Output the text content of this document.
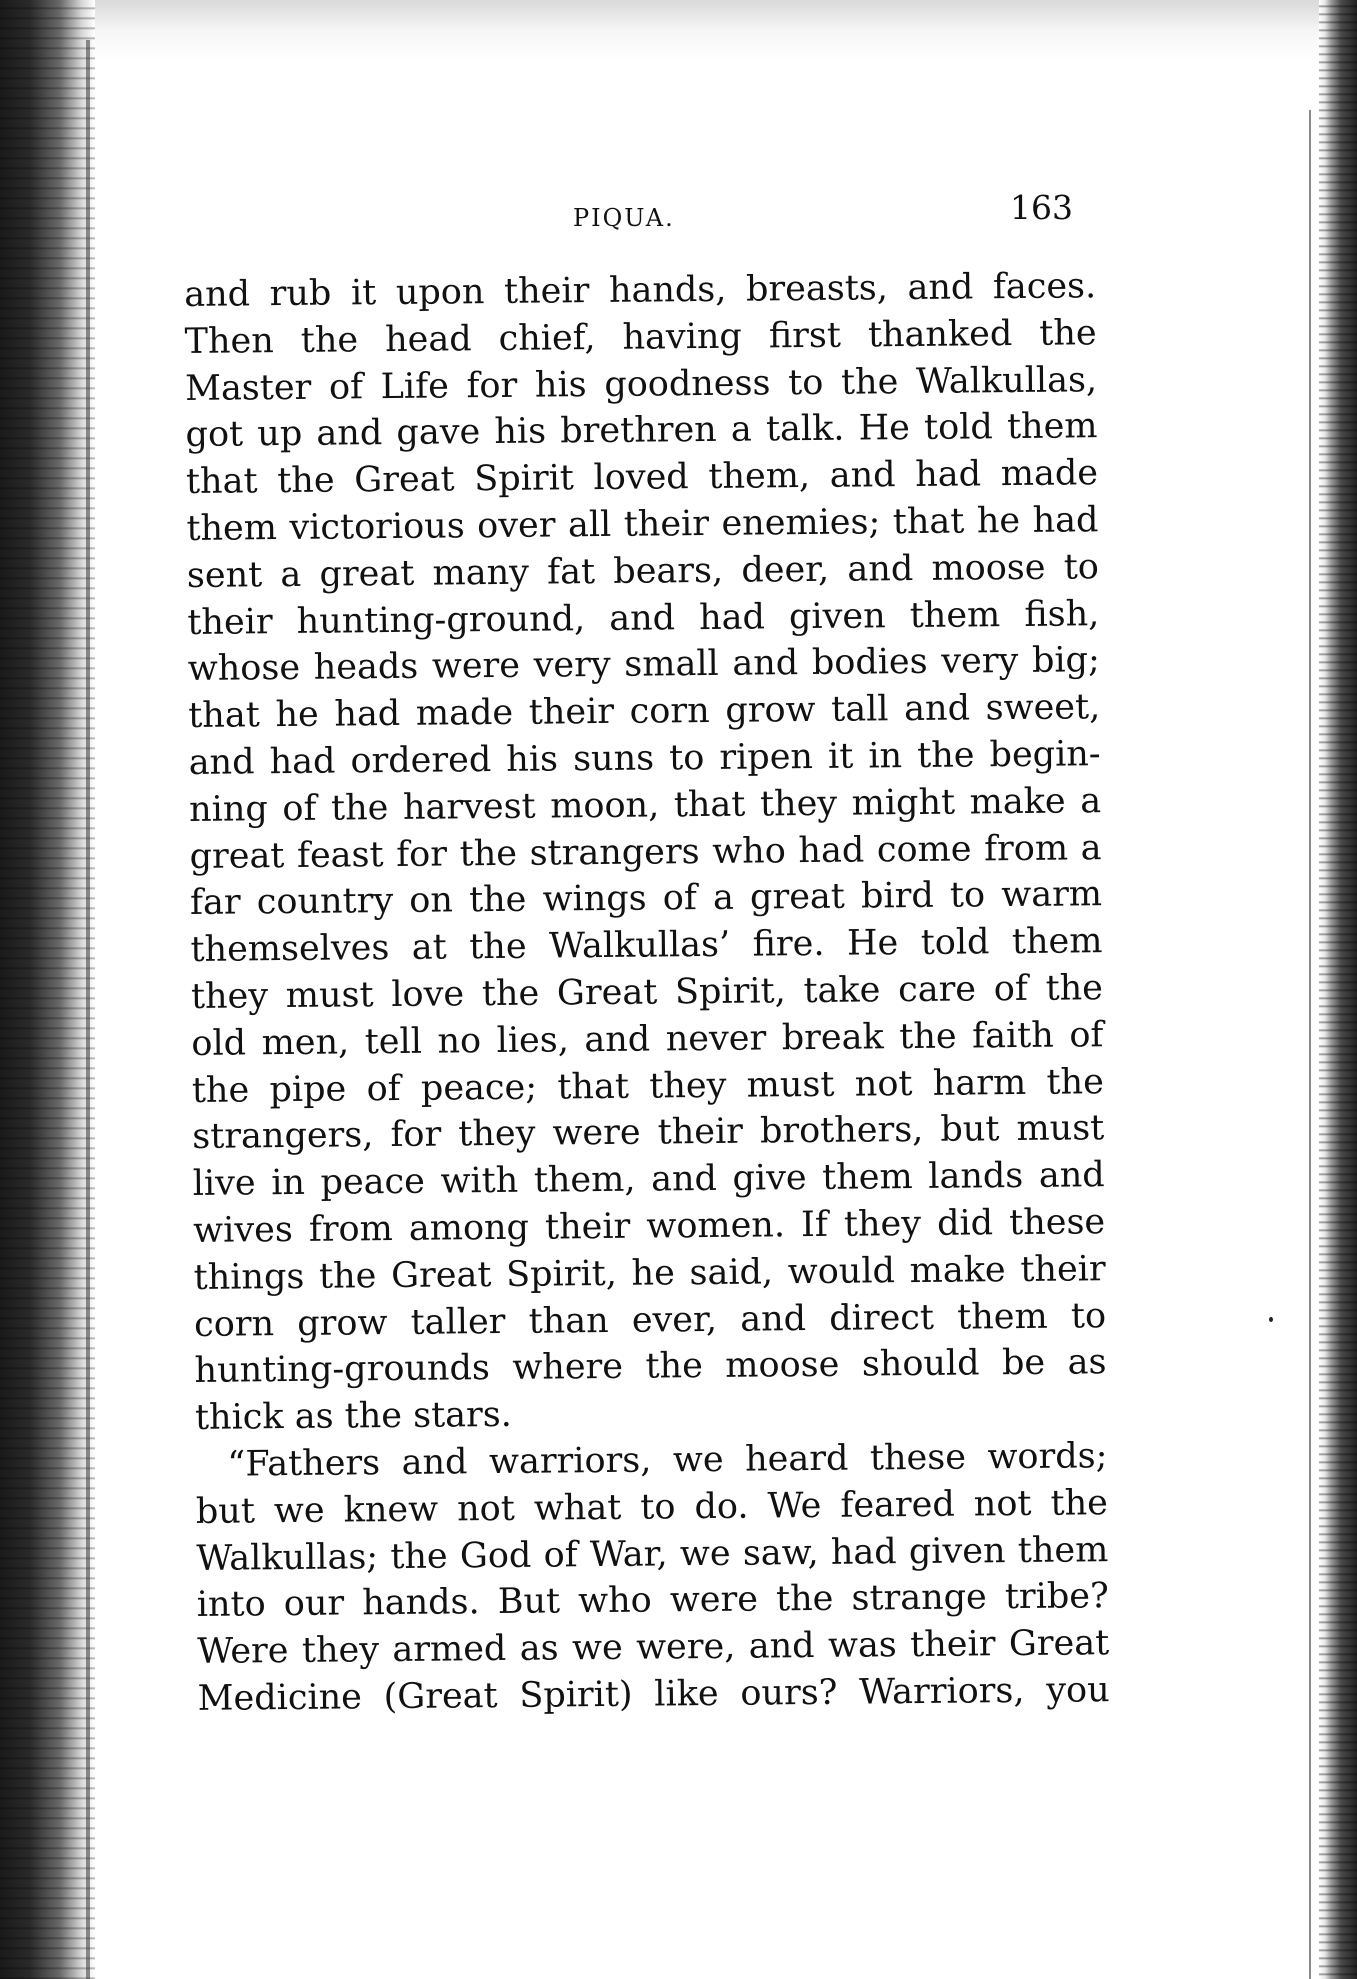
PIQUA.	163
and rub it upon their hands, breasts, and faces.
Then the head chief, having first thanked the
Master of Life for his goodness to the Walkullas,
got up and gave his brethren a talk. He told them
that the Great Spirit loved them, and had made
them victorious over all their enemies; that he had
sent a great many fat bears, deer, and moose to
their hunting-ground, and had given them fish,
whose heads were very small and bodies very big;
that he had made their corn grow tall and sweet,
and had ordered his suns to ripen it in the begin-
ning of the harvest moon, that they might make a
great feast for the strangers who had come from a
far country on the wings of a great bird to warm
themselves at the Walkullas’ fire. He told them
they must love the Great Spirit, take care of the
old men, tell no lies, and never break the faith of
the pipe of peace; that they must not harm the
strangers, for they were their brothers, but must
live in peace with them, and give them lands and
wives from among their women. If they did these
things the Great Spirit, he said, would make their
corn grow taller than ever, and direct them to
hunting-grounds where the moose should be as
thick as the stars.
“Fathers and warriors, we heard these words;
but we knew not what to do. We feared not the
Walkullas; the God of War, we saw, had given them
into our hands. But who were the strange tribe?
Were they armed as we were, and was their Great
Medicine (Great Spirit) like ours? Warriors, you
